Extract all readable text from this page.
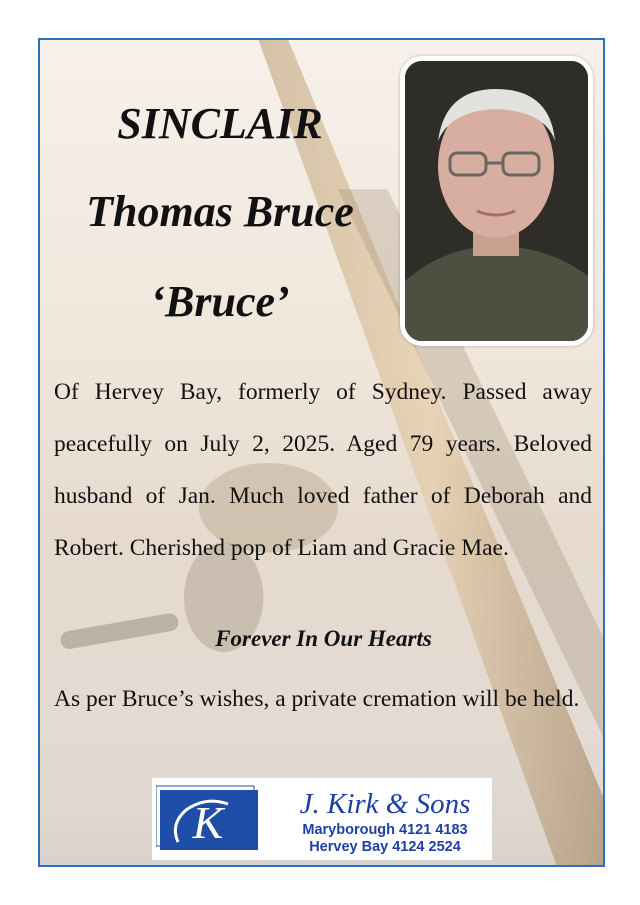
SINCLAIR
Thomas Bruce
‘Bruce’
Of Hervey Bay, formerly of Sydney. Passed away peacefully on July 2, 2025. Aged 79 years. Beloved husband of Jan. Much loved father of Deborah and Robert. Cherished pop of Liam and Gracie Mae.
Forever In Our Hearts
As per Bruce’s wishes, a private cremation will be held.
K	J. Kirk & Sons
Maryborough 4121 4183
Hervey Bay 4124 2524
